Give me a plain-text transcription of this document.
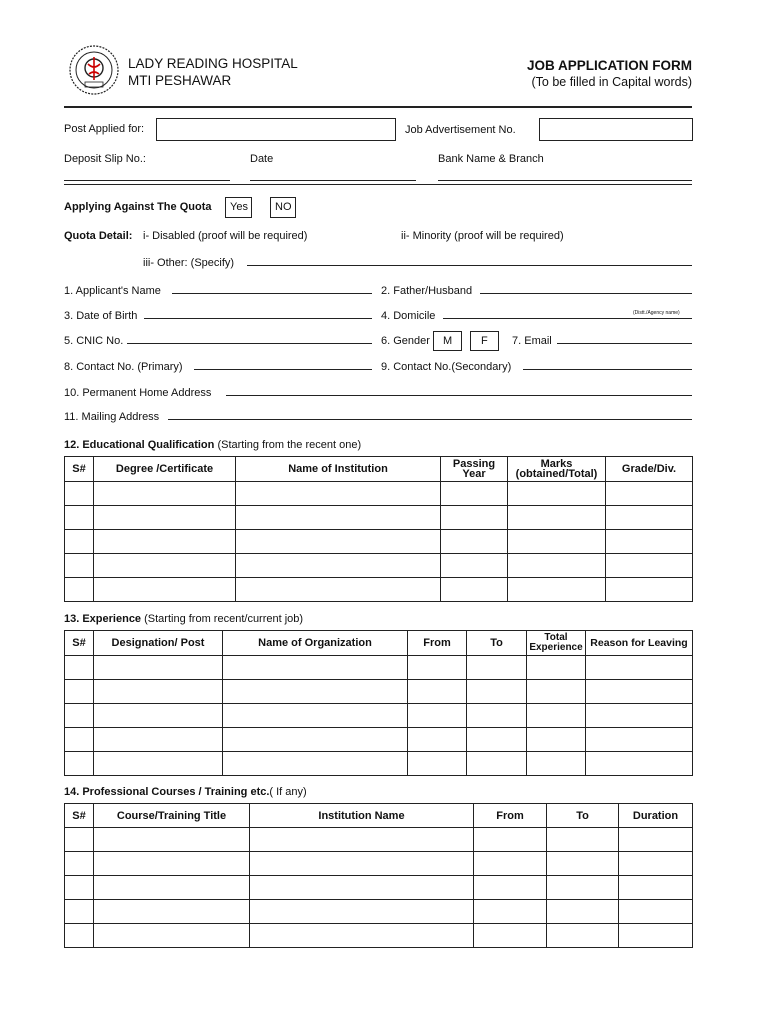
LADY READING HOSPITAL
MTI PESHAWAR
JOB APPLICATION FORM
(To be filled in Capital words)
Post Applied for:	Job Advertisement No.
Deposit Slip No.:	Date	Bank Name & Branch
Applying Against The Quota Yes NO
Quota Detail: i- Disabled (proof will be required)	ii- Minority (proof will be required)
iii- Other: (Specify)
1. Applicant's Name	2. Father/Husband
3. Date of Birth	4. Domicile	(Distt./Agency name)
5. CNIC No.	6. Gender M	F 7. Email
8. Contact No. (Primary)	9. Contact No.(Secondary)
10. Permanent Home Address
11. Mailing Address
12. Educational Qualification (Starting from the recent one)
S#	Degree /Certificate	Name of Institution	Passing Year	Marks (obtained/Total)	Grade/Div.

13. Experience (Starting from recent/current job)
S#	Designation/ Post	Name of Organization	From	To	Total Experience	Reason for Leaving

14. Professional Courses / Training etc.( If any)
S#	Course/Training Title	Institution Name	From	To	Duration
